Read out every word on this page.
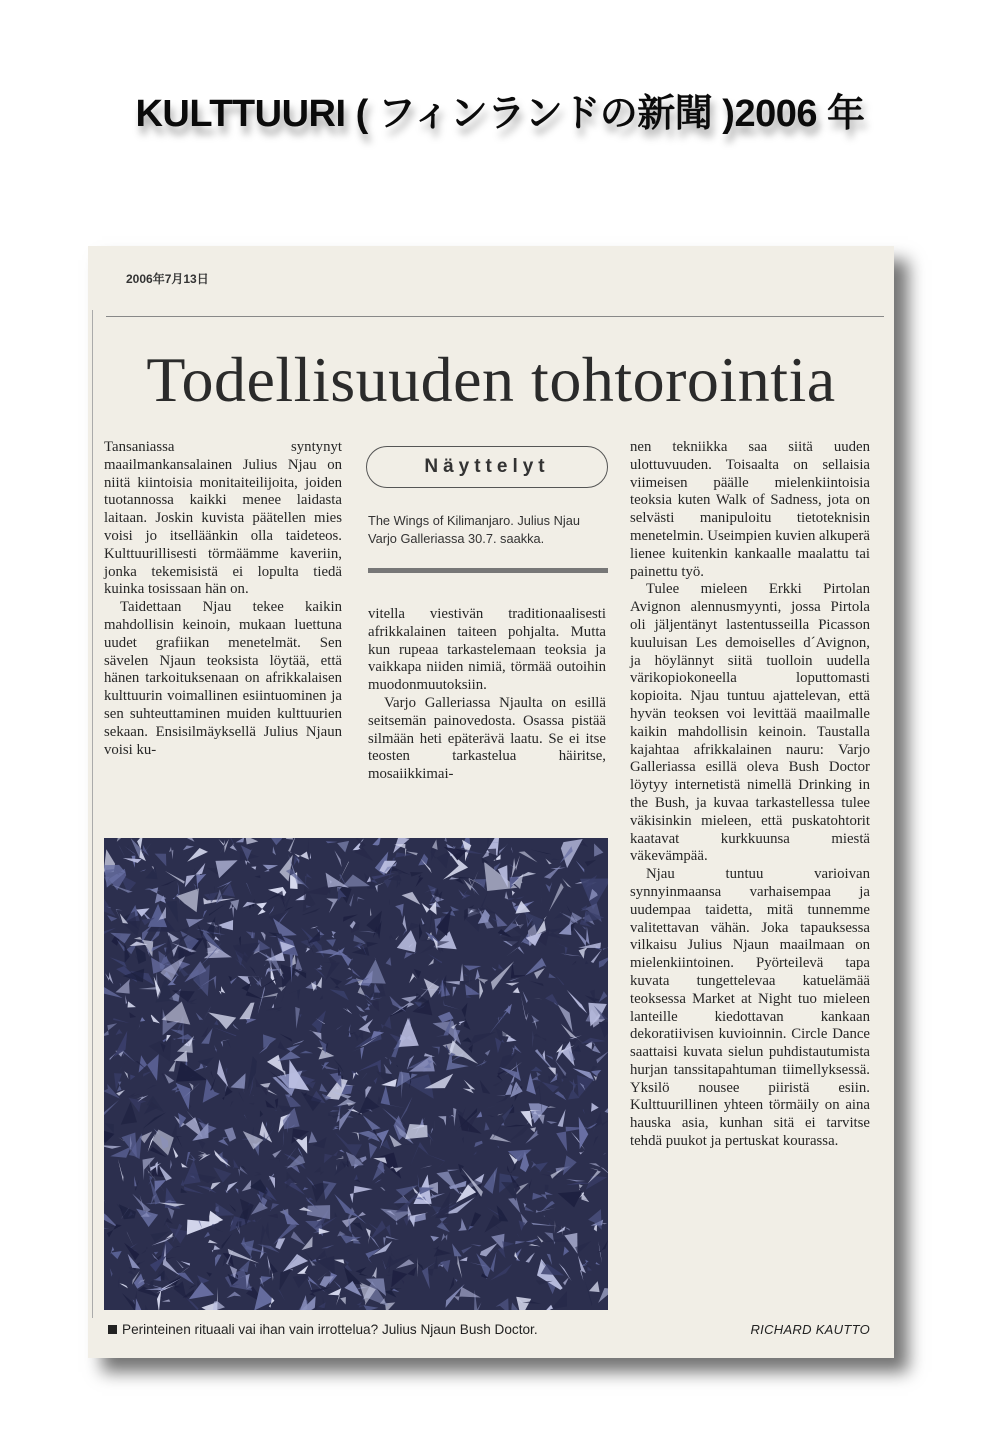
KULTTUURI ( フィンランドの新聞 )2006 年
2006年7月13日
Todellisuuden tohtorointia

Tansaniassa syntynyt maailmankansalainen Julius Njau on niitä kiintoisia monitaiteilijoita, joiden tuotannossa kaikki menee laidasta laitaan. Joskin kuvista päätellen mies voisi jo itselläänkin olla taideteos. Kulttuurillisesti törmäämme kaveriin, jonka tekemisistä ei lopulta tiedä kuinka tosissaan hän on.

Taidettaan Njau tekee kaikin mahdollisin keinoin, mukaan luettuna uudet grafiikan menetelmät. Sen sävelen Njaun teoksista löytää, että hänen tarkoituksenaan on afrikkalaisen kulttuurin voimallinen esiintuominen ja sen suhteuttaminen muiden kulttuurien sekaan. Ensisilmäyksellä Julius Njaun voisi ku-

Näyttelyt
The Wings of Kilimanjaro. Julius Njau Varjo Galleriassa 30.7. saakka.

vitella viestivän traditionaalisesti afrikkalainen taiteen pohjalta. Mutta kun rupeaa tarkastelemaan teoksia ja vaikkapa niiden nimiä, törmää outoihin muodonmuutoksiin.

Varjo Galleriassa Njaulta on esillä seitsemän painovedosta. Osassa pistää silmään heti epäterävä laatu. Se ei itse teosten tarkastelua häiritse, mosaiikkimai-

nen tekniikka saa siitä uuden ulottuvuuden. Toisaalta on sellaisia viimeisen päälle mielenkiintoisia teoksia kuten Walk of Sadness, jota on selvästi manipuloitu tietoteknisin menetelmin. Useimpien kuvien alkuperä lienee kuitenkin kankaalle maalattu tai painettu työ.

Tulee mieleen Erkki Pirtolan Avignon alennusmyynti, jossa Pirtola oli jäljentänyt lastentusseilla Picasson kuuluisan Les demoiselles d´Avignon, ja höylännyt siitä tuolloin uudella värikopiokoneella loputtomasti kopioita. Njau tuntuu ajattelevan, että hyvän teoksen voi levittää maailmalle kaikin mahdollisin keinoin. Taustalla kajahtaa afrikkalainen nauru: Varjo Galleriassa esillä oleva Bush Doctor löytyy internetistä nimellä Drinking in the Bush, ja kuvaa tarkastellessa tulee väkisinkin mieleen, että puskatohtorit kaatavat kurkkuunsa miestä väkevämpää.

Njau tuntuu varioivan synnyinmaansa varhaisempaa ja uudempaa taidetta, mitä tunnemme valitettavan vähän. Joka tapauksessa vilkaisu Julius Njaun maailmaan on mielenkiintoinen. Pyörteilevä tapa kuvata tungettelevaa katuelämää teoksessa Market at Night tuo mieleen lanteille kiedottavan kankaan dekoratiivisen kuvioinnin. Circle Dance saattaisi kuvata sielun puhdistautumista hurjan tanssitapahtuman tiimellyksessä. Yksilö nousee piiristä esiin. Kulttuurillinen yhteen törmäily on aina hauska asia, kunhan sitä ei tarvitse tehdä puukot ja pertuskat kourassa.

Perinteinen rituaali vai ihan vain irrottelua? Julius Njaun Bush Doctor.	RICHARD KAUTTO
